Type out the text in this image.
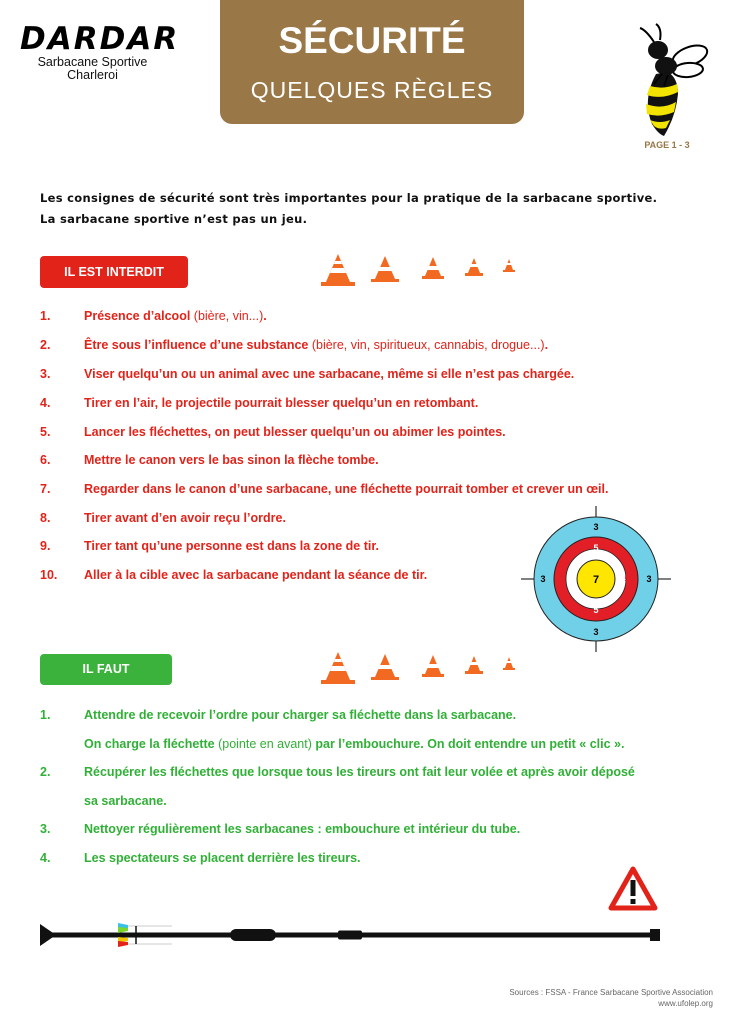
DARDAR
Sarbacane Sportive
Charleroi
SÉCURITÉ
QUELQUES RÈGLES
PAGE 1 - 3
Les consignes de sécurité sont très importantes pour la pratique de la sarbacane sportive.
La sarbacane sportive n’est pas un jeu.
IL EST INTERDIT
1.	Présence d’alcool (bière, vin...).
2.	Être sous l’influence d’une substance (bière, vin, spiritueux, cannabis, drogue...).
3.	Viser quelqu’un ou un animal avec une sarbacane, même si elle n’est pas chargée.
4.	Tirer en l’air, le projectile pourrait blesser quelqu’un en retombant.
5.	Lancer les fléchettes, on peut blesser quelqu’un ou abimer les pointes.
6.	Mettre le canon vers le bas sinon la flèche tombe.
7.	Regarder dans le canon d’une sarbacane, une fléchette pourrait tomber et crever un œil.
8.	Tirer avant d’en avoir reçu l’ordre.
9.	Tirer tant qu’une personne est dans la zone de tir.
10.	Aller à la cible avec la sarbacane pendant la séance de tir.
3
3
3	3
5
5
5	5
7
IL FAUT
1.	Attendre de recevoir l’ordre pour charger sa fléchette dans la sarbacane.
On charge la fléchette (pointe en avant) par l’embouchure. On doit entendre un petit « clic ».
2.	Récupérer les fléchettes que lorsque tous les tireurs ont fait leur volée et après avoir déposé
sa sarbacane.
3.	Nettoyer régulièrement les sarbacanes : embouchure et intérieur du tube.
4.	Les spectateurs se placent derrière les tireurs.
Sources : FSSA - France Sarbacane Sportive Association
www.ufolep.org
